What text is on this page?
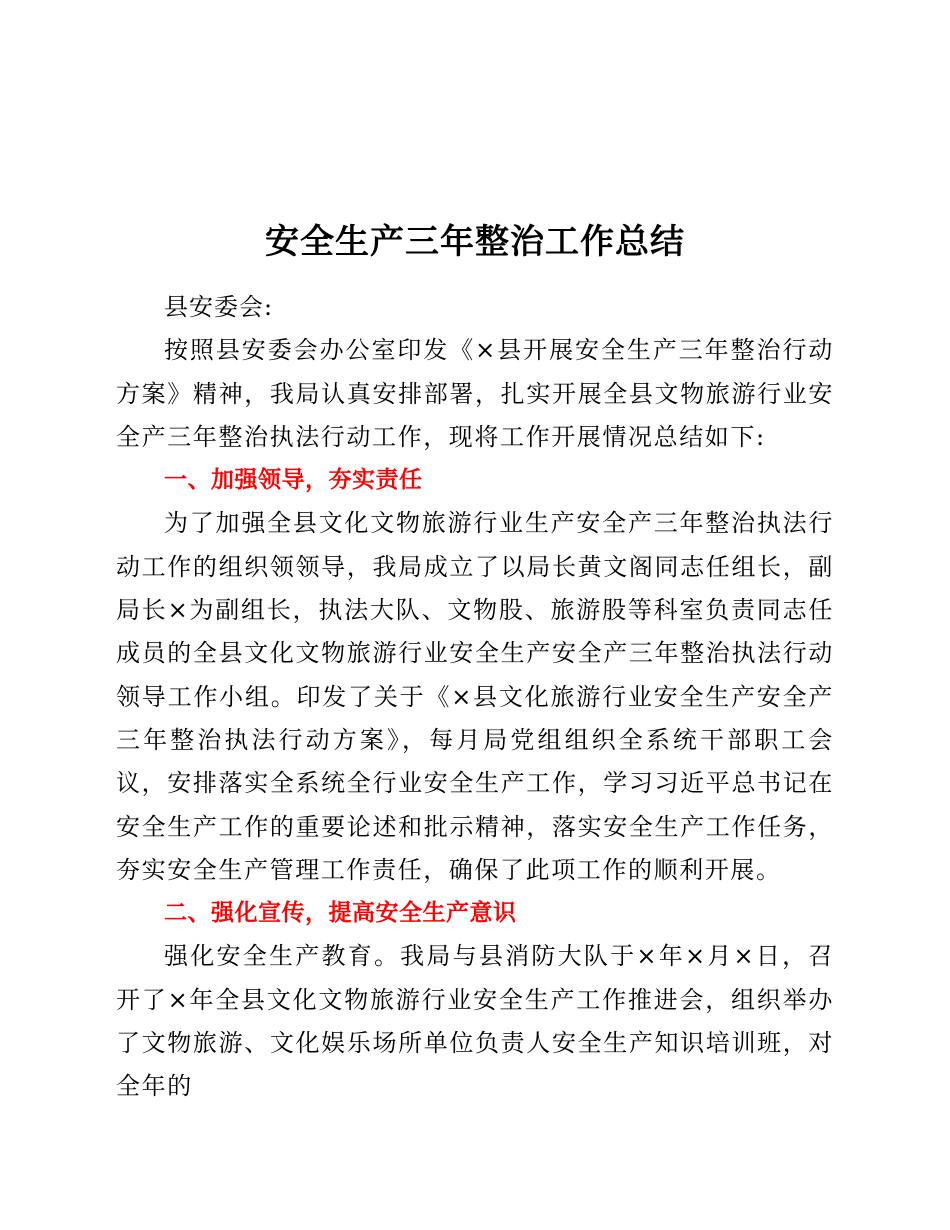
安全生产三年整治工作总结

县安委会:

按照县安委会办公室印发《×县开展安全生产三年整治行动方案》精神，我局认真安排部署，扎实开展全县文物旅游行业安全产三年整治执法行动工作，现将工作开展情况总结如下:

一、加强领导，夯实责任

为了加强全县文化文物旅游行业生产安全产三年整治执法行动工作的组织领领导，我局成立了以局长黄文阁同志任组长，副局长×为副组长，执法大队、文物股、旅游股等科室负责同志任成员的全县文化文物旅游行业安全生产安全产三年整治执法行动领导工作小组。印发了关于《×县文化旅游行业安全生产安全产三年整治执法行动方案》，每月局党组组织全系统干部职工会议，安排落实全系统全行业安全生产工作，学习习近平总书记在安全生产工作的重要论述和批示精神，落实安全生产工作任务，夯实安全生产管理工作责任，确保了此项工作的顺利开展。

二、强化宣传，提高安全生产意识

强化安全生产教育。我局与县消防大队于×年×月×日，召开了×年全县文化文物旅游行业安全生产工作推进会，组织举办了文物旅游、文化娱乐场所单位负责人安全生产知识培训班，对全年的
